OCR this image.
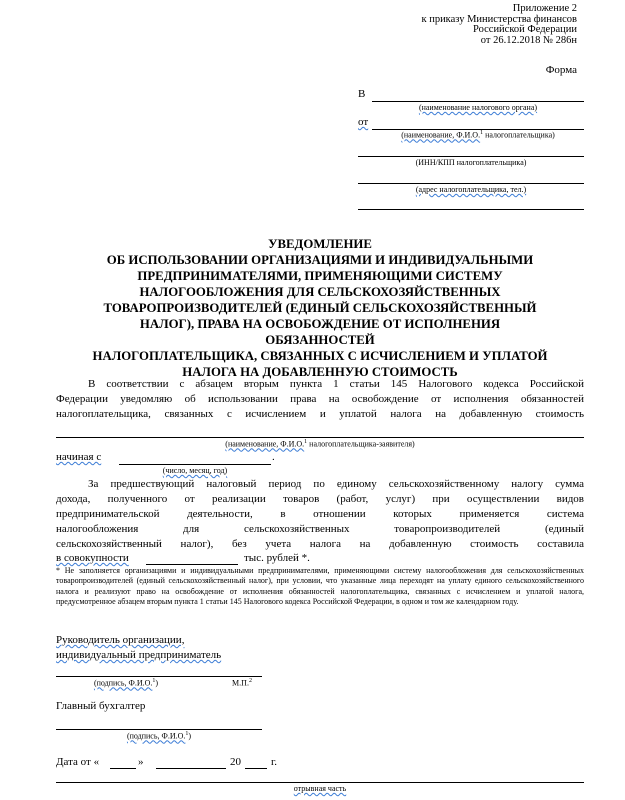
Приложение 2
к приказу Министерства финансов
Российской Федерации
от 26.12.2018 № 286н
Форма
В
(наименование налогового органа)
от
(наименование, Ф.И.О.$^1$ налогоплательщика)
(ИНН/КПП налогоплательщика)
(адрес налогоплательщика, тел.)
УВЕДОМЛЕНИЕ
ОБ ИСПОЛЬЗОВАНИИ ОРГАНИЗАЦИЯМИ И ИНДИВИДУАЛЬНЫМИ
ПРЕДПРИНИМАТЕЛЯМИ, ПРИМЕНЯЮЩИМИ СИСТЕМУ
НАЛОГООБЛОЖЕНИЯ ДЛЯ СЕЛЬСКОХОЗЯЙСТВЕННЫХ
ТОВАРОПРОИЗВОДИТЕЛЕЙ (ЕДИНЫЙ СЕЛЬСКОХОЗЯЙСТВЕННЫЙ
НАЛОГ), ПРАВА НА ОСВОБОЖДЕНИЕ ОТ ИСПОЛНЕНИЯ ОБЯЗАННОСТЕЙ
НАЛОГОПЛАТЕЛЬЩИКА, СВЯЗАННЫХ С ИСЧИСЛЕНИЕМ И УПЛАТОЙ
НАЛОГА НА ДОБАВЛЕННУЮ СТОИМОСТЬ
В соответствии с абзацем вторым пункта 1 статьи 145 Налогового кодекса Российской
Федерации уведомляю об использовании права на освобождение от исполнения обязанностей
налогоплательщика, связанных с исчислением и уплатой налога на добавленную стоимость
(наименование, Ф.И.О.$^1$ налогоплательщика-заявителя)
начиная с	.
(число, месяц, год)
За предшествующий налоговый период по единому сельскохозяйственному налогу сумма
дохода, полученного от реализации товаров (работ, услуг) при осуществлении видов
предпринимательской деятельности, в отношении которых применяется система
налогообложения для сельскохозяйственных товаропроизводителей (единый
сельскохозяйственный налог), без учета налога на добавленную стоимость составила
в совокупности	тыс. рублей *.
* Не заполняется организациями и индивидуальными предпринимателями, применяющими систему налогообложения для сельскохозяйственных товаропроизводителей (единый сельскохозяйственный налог), при условии, что указанные лица переходят на уплату единого сельскохозяйственного налога и реализуют право на освобождение от исполнения обязанностей налогоплательщика, связанных с исчислением и уплатой налога, предусмотренное абзацем вторым пункта 1 статьи 145 Налогового кодекса Российской Федерации, в одном и том же календарном году.
Руководитель организации,
индивидуальный предприниматель
(подпись, Ф.И.О.$^1$)	М.П.$^2$
Главный бухгалтер
(подпись, Ф.И.О.$^1$)
Дата от «	»	20	г.
отрывная часть
